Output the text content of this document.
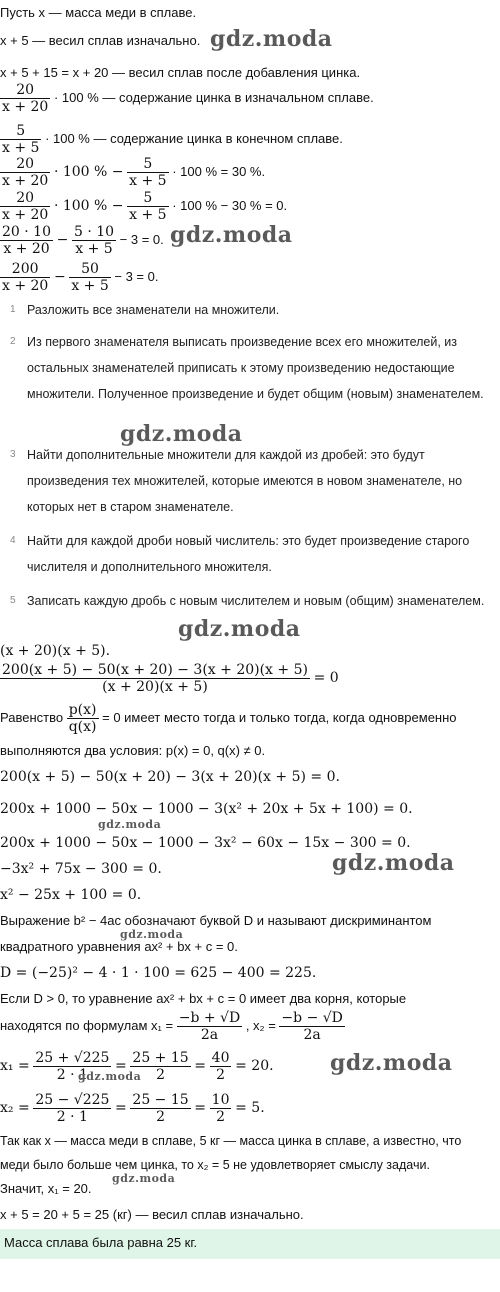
Пусть x — масса меди в сплаве.
x + 5 — весил сплав изначально. gdz.moda
x + 5 + 15 = x + 20 — весил сплав после добавления цинка.
$\frac{20}{x + 20} \cdot 100$ % — содержание цинка в изначальном сплаве.
$\frac{5}{x + 5} \cdot 100$ % — содержание цинка в конечном сплаве.
$\frac{20}{x + 20} \cdot 100$ % − $\frac{5}{x + 5} \cdot 100$ % = 30 %.
$\frac{20}{x + 20} \cdot 100$ % − $\frac{5}{x + 5} \cdot 100$ % − 30 % = 0.
$\frac{20 \cdot 10}{x + 20} - \frac{5 \cdot 10}{x + 5} - 3 = 0$. gdz.moda
$\frac{200}{x + 20} - \frac{50}{x + 5} - 3 = 0$.
1 Разложить все знаменатели на множители.
2 Из первого знаменателя выписать произведение всех его множителей, из остальных знаменателей приписать к этому произведению недостающие множители. Полученное произведение и будет общим (новым) знаменателем.
gdz.moda
3 Найти дополнительные множители для каждой из дробей: это будут произведения тех множителей, которые имеются в новом знаменателе, но которых нет в старом знаменателе.
4 Найти для каждой дроби новый числитель: это будет произведение старого числителя и дополнительного множителя.
5 Записать каждую дробь с новым числителем и новым (общим) знаменателем.
gdz.moda
(x + 20)(x + 5).
$\frac{200(x + 5) - 50(x + 20) - 3(x + 20)(x + 5)}{(x + 20)(x + 5)} = 0$
Равенство $\frac{p(x)}{q(x)} = 0$ имеет место тогда и только тогда, когда одновременно
выполняются два условия: p(x) = 0, q(x) ≠ 0.
200(x + 5) − 50(x + 20) − 3(x + 20)(x + 5) = 0.
200x + 1000 − 50x − 1000 − 3(x² + 20x + 5x + 100) = 0.
gdz.moda
200x + 1000 − 50x − 1000 − 3x² − 60x − 15x − 300 = 0.
−3x² + 75x − 300 = 0.	gdz.moda
x² − 25x + 100 = 0.
Выражение b² − 4ac обозначают буквой D и называют дискриминантом
gdz.moda
квадратного уравнения ax² + bx + c = 0.
D = (−25)² − 4 · 1 · 100 = 625 − 400 = 225.
Если D > 0, то уравнение ax² + bx + c = 0 имеет два корня, которые
находятся по формулам $x_1 = \frac{-b + √D}{2a}$ , $x_2 = \frac{-b - √D}{2a}$
$x_1 = \frac{25 + √225}{2 \cdot 1} = \frac{25 + 15}{2} = \frac{40}{2} = 20$.	gdz.moda
gdz.moda
$x_2 = \frac{25 - √225}{2 \cdot 1} = \frac{25 - 15}{2} = \frac{10}{2} = 5$.
Так как x — масса меди в сплаве, 5 кг — масса цинка в сплаве, а известно, что
меди было больше чем цинка, то x₂ = 5 не удовлетворяет смыслу задачи.
gdz.moda
Значит, x₁ = 20.
x + 5 = 20 + 5 = 25 (кг) — весил сплав изначально.
Масса сплава была равна 25 кг.
